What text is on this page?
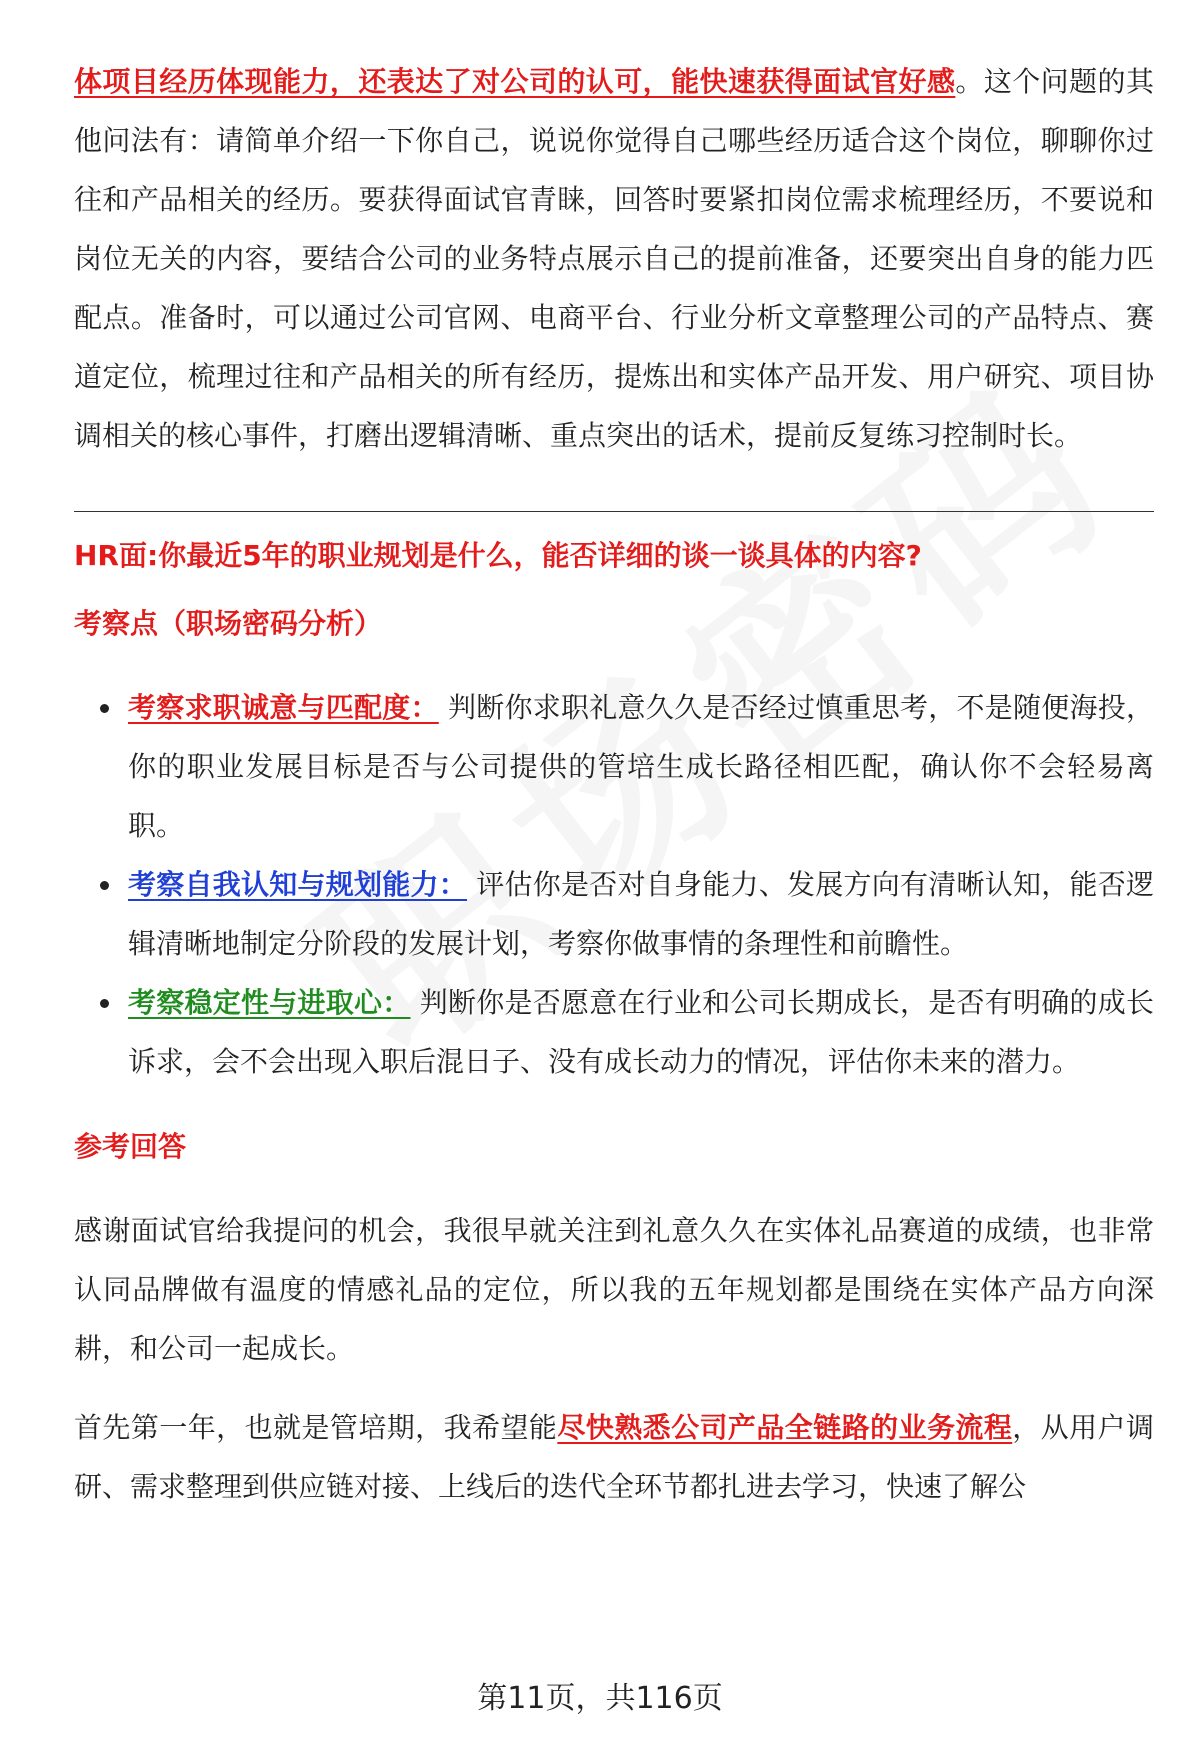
体项目经历体现能力，还表达了对公司的认可，能快速获得面试官好感。这个问题的其他问法有：请简单介绍一下你自己，说说你觉得自己哪些经历适合这个岗位，聊聊你过往和产品相关的经历。要获得面试官青睐，回答时要紧扣岗位需求梳理经历，不要说和岗位无关的内容，要结合公司的业务特点展示自己的提前准备，还要突出自身的能力匹配点。准备时，可以通过公司官网、电商平台、行业分析文章整理公司的产品特点、赛道定位，梳理过往和产品相关的所有经历，提炼出和实体产品开发、用户研究、项目协调相关的核心事件，打磨出逻辑清晰、重点突出的话术，提前反复练习控制时长。

HR面:你最近5年的职业规划是什么，能否详细的谈一谈具体的内容?

考察点（职场密码分析）

考察求职诚意与匹配度： 判断你求职礼意久久是否经过慎重思考，不是随便海投，你的职业发展目标是否与公司提供的管培生成长路径相匹配，确认你不会轻易离职。
考察自我认知与规划能力： 评估你是否对自身能力、发展方向有清晰认知，能否逻辑清晰地制定分阶段的发展计划，考察你做事情的条理性和前瞻性。
考察稳定性与进取心： 判断你是否愿意在行业和公司长期成长，是否有明确的成长诉求，会不会出现入职后混日子、没有成长动力的情况，评估你未来的潜力。

参考回答

感谢面试官给我提问的机会，我很早就关注到礼意久久在实体礼品赛道的成绩，也非常认同品牌做有温度的情感礼品的定位，所以我的五年规划都是围绕在实体产品方向深耕，和公司一起成长。

首先第一年，也就是管培期，我希望能尽快熟悉公司产品全链路的业务流程，从用户调研、需求整理到供应链对接、上线后的迭代全环节都扎进去学习，快速了解公

第11页，共116页
